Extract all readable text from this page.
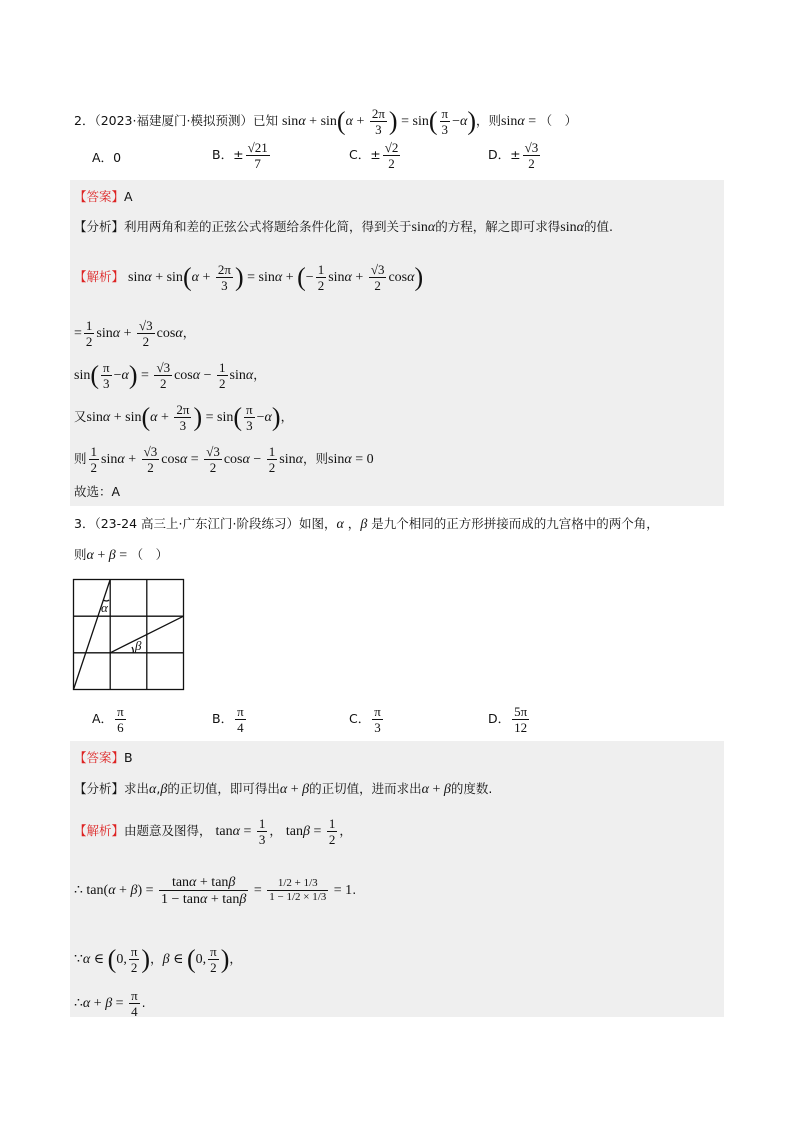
2．（2023·福建厦门·模拟预测）已知 $\sin\alpha + \sin(\alpha + \frac{2\pi}{3}$ ) = $\sin( \frac{\pi}{3} -\alpha)$，则sinα = （　）
A．0	B．± $\frac{√21}{7}$	C．± $\frac{√2}{2}$	D．± $\frac{√3}{2}$
【答案】A
【分析】利用两角和差的正弦公式将题给条件化简，得到关于sinα的方程，解之即可求得sinα的值.
【解析】 $\sin\alpha + \sin(\alpha + \frac{2\pi}{3}$ ) = sinα + (− $\frac{1}{2}$ $\sin\alpha + \frac{√3}{2} \cos\alpha$)
= $\frac{1}{2}$ $\sin\alpha + \frac{√3}{2}$ cosα，
$\sin( \frac{\pi}{3} -\alpha) = \frac{√3}{2}$ $\cos\alpha - \frac{1}{2}$ sinα，
又$\sin\alpha + \sin(\alpha + \frac{2\pi}{3}$ ) = $\sin( \frac{\pi}{3} -\alpha)$，
则 $\frac{1}{2}$ $\sin\alpha + \frac{√3}{2}$ $\cos\alpha = \frac{√3}{2}$ $\cos\alpha - \frac{1}{2}$ sinα，则sinα = 0
故选：A
3．（23-24 高三上·广东江门·阶段练习）如图，α ，β 是九个相同的正方形拼接而成的九宫格中的两个角，
则α + β = （　）
α
β
A． $\frac{\pi}{6}$	B． $\frac{\pi}{4}$	C． $\frac{\pi}{3}$	D． $\frac{5\pi}{12}$
【答案】B
【分析】求出α,β的正切值，即可得出α + β的正切值，进而求出α + β的度数.
【解析】由题意及图得， $\tan\alpha = \frac{1}{3}$ ， $\tan\beta = \frac{1}{2}$ ，
∴ $\tan(\alpha + \beta) = \frac{\tan\alpha + \tan\beta}{1 - \tan\alpha + \tan\beta} = \frac{1/2 + 1/3}{1 - 1/2 \times 1/3} = 1$.
∵α ∈ (0, $\frac{\pi}{2}$ )，β ∈ (0, $\frac{\pi}{2}$ )，
∴α + $\beta = \frac{\pi}{4}$ .
